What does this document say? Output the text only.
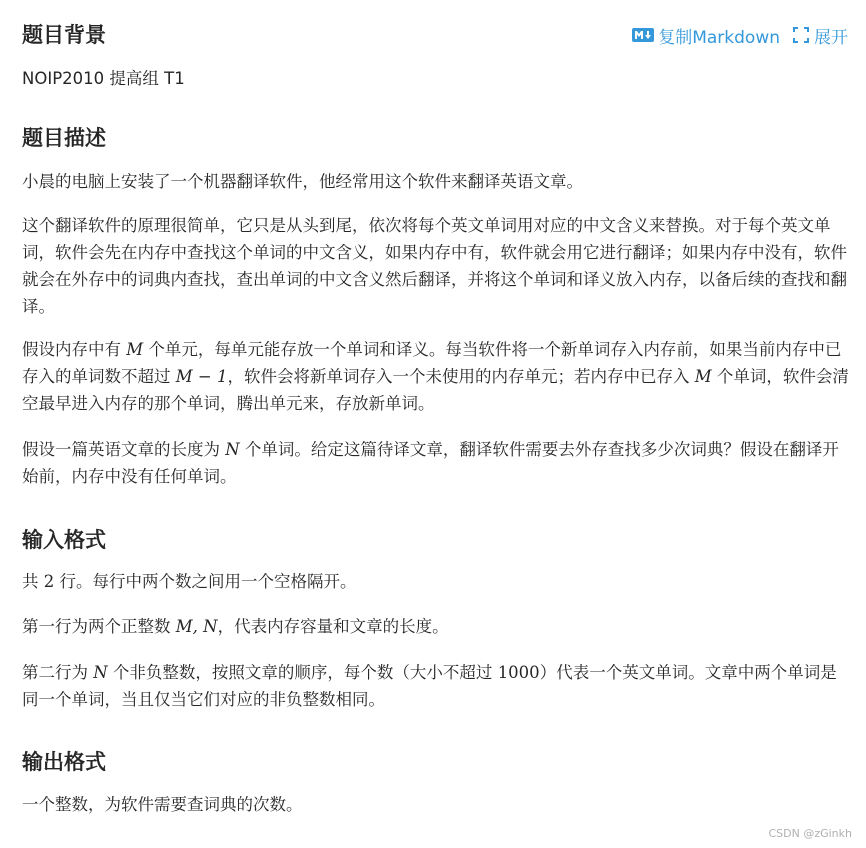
复制Markdown 展开
题目背景

NOIP2010 提高组 T1

题目描述

小晨的电脑上安装了一个机器翻译软件，他经常用这个软件来翻译英语文章。

这个翻译软件的原理很简单，它只是从头到尾，依次将每个英文单词用对应的中文含义来替换。对于每个英文单词，软件会先在内存中查找这个单词的中文含义，如果内存中有，软件就会用它进行翻译；如果内存中没有，软件就会在外存中的词典内查找，查出单词的中文含义然后翻译，并将这个单词和译义放入内存，以备后续的查找和翻译。

假设内存中有 M 个单元，每单元能存放一个单词和译义。每当软件将一个新单词存入内存前，如果当前内存中已存入的单词数不超过 M − 1，软件会将新单词存入一个未使用的内存单元；若内存中已存入 M 个单词，软件会清空最早进入内存的那个单词，腾出单元来，存放新单词。

假设一篇英语文章的长度为 N 个单词。给定这篇待译文章，翻译软件需要去外存查找多少次词典？假设在翻译开始前，内存中没有任何单词。

输入格式

共 2 行。每行中两个数之间用一个空格隔开。

第一行为两个正整数 M, N，代表内存容量和文章的长度。

第二行为 N 个非负整数，按照文章的顺序，每个数（大小不超过 1000）代表一个英文单词。文章中两个单词是同一个单词，当且仅当它们对应的非负整数相同。

输出格式

一个整数，为软件需要查词典的次数。

CSDN @zGinkh
